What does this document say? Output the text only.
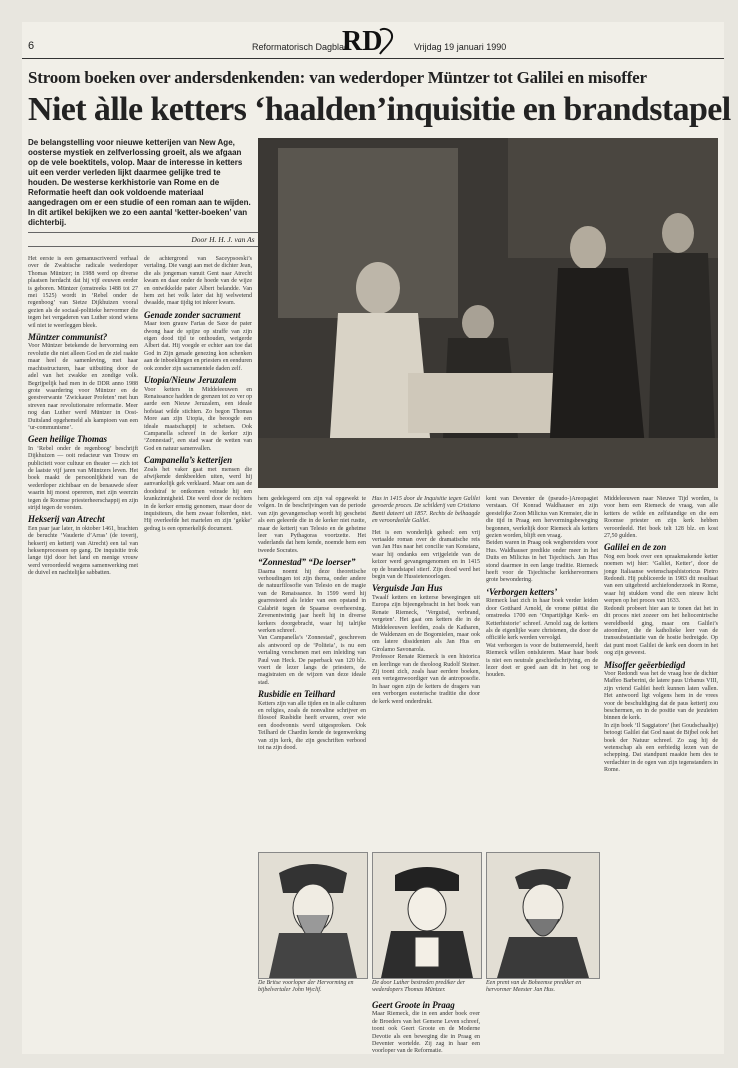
6	Reformatorisch Dagblad
RD	Vrijdag 19 januari 1990
Stroom boeken over andersdenkenden: van wederdoper Müntzer tot Galilei en misoffer
Niet àlle ketters ‘haalden’inquisitie en brandstapel
De belangstelling voor nieuwe ketterijen van New Age, oosterse mystiek en zelfverlossing groeit, als we afgaan op de vele boektitels, volop. Maar de interesse in ketters uit een verder verleden lijkt daarmee gelijke tred te houden. De westerse kerkhistorie van Rome en de Reformatie heeft dan ook voldoende materiaal aangedragen om er een studie of een roman aan te wijden. In dit artikel bekijken we zo een aantal ‘ketter-boeken’ van dichterbij.
Door H. H. J. van As

Het eerste is een gemanuscriveerd verhaal over de Zwabische radicale wederdoper Thomas Müntzer; in 1988 werd op diverse plaatsen herdacht dat hij vijf eeuwen eerder is geboren. Müntzer (omstreeks 1488 tot 27 mei 1525) wordt in ‘Rebel onder de regenboog’ van Sietze Dijkhuizen vooral gezien als de sociaal-politieke hervormer die tegen het vergaderen van Luther stond wiens wil niet te weerleggen bleek.

Müntzer communist?

Voor Müntzer betekende de hervorming een revolutie die niet alleen God en de ziel raakte maar heel de samenleving, met haar machtsstructuren, haar uitbuiting door de adel van het zwakke en zondige volk. Begrijpelijk had men in de DDR anno 1988 grote waardering voor Müntzer en de geestverwante ‘Zwickauer Profeten’ met hun streven naar revolutionaire reformatie. Meer nog dan Luther werd Müntzer in Oost-Duitsland opgehemeld als kampioen van een ‘ur-communisme’.

Geen heilige Thomas

In ‘Rebel onder de regenboog’ beschrijft Dijkhuizen — ooit redacteur van Trouw en publiciteit voor cultuur en theater — zich tot de laatste vijf jaren van Müntzers leven. Het boek maakt de persoonlijkheid van de wederdoper zichtbaar en de benauwde sfeer waarin hij moest opereren, met zijn weerzin tegen de Roomse priesterheerschappij en zijn strijd tegen de vorsten.

Hekserij van Atrecht

Een paar jaar later, in oktober 1461, brachten de beruchte ‘Vauderie d’Arras’ (de toverij, hekserij en ketterij van Atrecht) een tal van heksenprocessen op gang. De inquisitie trok lange tijd door het land en menige vrouw werd veroordeeld wegens samenwerking met de duivel en nachtelijke sabbatten.

de achtergrond van Saceypsoeski’s vertaling. Die vangt aan met de dichter Jean, die als jongeman vanuit Gent naar Atrecht kwam en daar onder de hoede van de wijze en ontwikkelde pater Albert belandde. Van hem zei het volk later dat hij welwetend dwaalde, maar tijdig tot inkeer kwam.

Genade zonder sacrament

Maar toen grauw Farias de Saxe de pater dwong haar de spijze op straffe van zijn eigen dood tijd te onthouden, weigerde Albert dat. Hij voegde er echter aan toe dat God in Zijn genade genezing kon schenken aan de inboeklingen en priesters en eenduren ook zonder zijn sacramentele daden zelf.

Utopia/Nieuw Jeruzalem

Voor ketters in Middeleeuwen en Renaissance hadden de grenzen tot zo ver op aarde een Nieuw Jeruzalem, een ideale hofstaat wilde stichten. Zo begon Thomas More aan zijn Utopia, die beoogde een ideale maatschappij te schetsen. Ook Campanella schreef in de kerker zijn ‘Zonnestad’, een stad waar de wetten van God en natuur samenvallen.

Campanella’s ketterijen

Zoals het vaker gaat met mensen die afwijkende denkbeelden uiten, werd hij aanvankelijk gek verklaard. Maar om aan de doodstraf te ontkomen veinsde hij een krankzinnigheid. Die werd door de rechters in de kerker ernstig genomen, maar door de inquisiteurs, die hem zwaar folterden, niet. Hij overleefde het martelen en zijn ‘gekke’ gedrag is een opmerkelijk document.

hem gedelegeerd om zijn val opgewekt te volgen. In de beschrijvingen van de periode van zijn gevangenschap wordt hij geschetst als een geleerde die in de kerker niet rustte, maar de ketterij van Telesio en de geheime leer van Pythagoras voortzette. Het vaderlands dat hem kende, noemde hem een tweede Socrates.

“Zonnestad” “De loerser”

Daarna noemt hij deze theoretische verhoudingen tot zijn thema, onder andere de natuurfilosofie van Telesio en de magie van de Renaissance. In 1599 werd hij gearresteerd als leider van een opstand in Calabrië tegen de Spaanse overheersing. Zevenentwintig jaar heeft hij in diverse kerkers doorgebracht, waar hij talrijke werken schreef.

Van Campanella’s ‘Zonnestad’, geschreven als antwoord op de ‘Politeia’, is nu een vertaling verschenen met een inleiding van Paul van Heck. De paperback van 120 blz. voert de lezer langs de priesters, de magistraten en de wijzen van deze ideale stad.

Rusbidie en Teilhard

Ketters zijn van alle tijden en in alle culturen en religies, zoals de nonvaline schrijver en filosoof Rusbidie heeft ervaren, over wie een doodvonnis werd uitgesproken. Ook Teilhard de Chardin kende de tegenwerking van zijn kerk, die zijn geschriften verbood tot na zijn dood.

Hus in 1415 door de Inquisitie tegen Galilei gevoerde proces. De schilderij van Cristiano Banti dateert uit 1857. Rechts de belhaagde en veroordeelde Galilei.

Het is een wonderlijk geheel: een vrij vertaalde roman over de dramatische reis van Jan Hus naar het concilie van Konstanz, waar hij ondanks een vrijgeleide van de keizer werd gevangengenomen en in 1415 op de brandstapel stierf. Zijn dood werd het begin van de Hussietenoorlogen.

Verguisde Jan Hus

Twaalf ketters en ketterse bewegingen uit Europa zijn bijeengebracht in het boek van Renate Riemeck, ‘Verguisd, verbrand, vergeten’. Het gaat om ketters die in de Middeleeuwen leefden, zoals de Katharen, de Waldenzen en de Bogomielen, maar ook om latere dissidenten als Jan Hus en Girolamo Savonarola.

Professor Renate Riemeck is een historica en leerlinge van de theoloog Rudolf Steiner. Zij toont zich, zoals haar eerdere boeken, een vertegenwoordiger van de antroposofie. In haar ogen zijn de ketters de dragers van een verborgen esoterische traditie die door de kerk werd onderdrukt.

kent van Deventer de (pseudo-)Areopagiet verstaan. Of Konrad Waldhauser en zijn geestelijke Zoon Milicius van Kremsier, die in die tijd in Praag een hervormingsbeweging begonnen, werkelijk door Riemeck als ketters gezien worden, blijft een vraag.

Beiden waren in Praag ook wegbereiders voor Hus. Waldhauser predikte onder meer in het Duits en Milicius in het Tsjechisch. Jan Hus stond daarmee in een lange traditie. Riemeck heeft voor de Tsjechische kerkhervormers grote bewondering.

‘Verborgen ketters’

Riemeck laat zich in haar boek verder leiden door Gotthard Arnold, de vrome piëtist die omstreeks 1700 een ‘Onpartijdige Kerk- en Ketterhistorie’ schreef. Arnold zag de ketters als de eigenlijke ware christenen, die door de officiële kerk werden vervolgd.

Wat verborgen is voor de buitenwereld, heeft Riemeck willen ontsluieren. Maar haar boek is niet een neutrale geschiedschrijving, en de lezer doet er goed aan dit in het oog te houden.

Middeleeuwen naar Nieuwe Tijd worden, is voor hem een Riemeck de vraag, van alle ketters de wilde en zelfstandige en die een Roomse priester en zijn kerk hebben veroordeeld. Het boek telt 128 blz. en kost 27,50 gulden.

Galilei en de zon

Nog een boek over een spraakmakende ketter noemen wij hier: ‘Galilei, Ketter’, door de jonge Italiaanse wetenschapshistoricus Pietro Redondi. Hij publiceerde in 1983 dit resultaat van een uitgebreid archiefonderzoek in Rome, waar hij stukken vond die een nieuw licht werpen op het proces van 1633.

Redondi probeert hier aan te tonen dat het in dit proces niet zozeer om het heliocentrische wereldbeeld ging, maar om Galilei’s atoomleer, die de katholieke leer van de transsubstantiatie van de hostie bedreigde. Op dat punt moet Galilei de kerk een doorn in het oog zijn geweest.

Misoffer geëerbiedigd

Voor Redondi was het de vraag hoe de dichter Maffeo Barberini, de latere paus Urbanus VIII, zijn vriend Galilei heeft kunnen laten vallen. Het antwoord ligt volgens hem in de vrees voor de beschuldiging dat de paus ketterij zou beschermen, en in de positie van de jezuïeten binnen de kerk.

In zijn boek ‘Il Saggiatore’ (het Goudschaaltje) betoogt Galilei dat God naast de Bijbel ook het boek der Natuur schreef. Zo zag hij de wetenschap als een eerbiedig lezen van de schepping. Dat standpunt maakte hem des te verdachter in de ogen van zijn tegenstanders in Rome.

De Britse voorloper der Hervorming en bijbelvertaler John Wyclif.
De door Luther bestreden prediker der wederdopers Thomas Müntzer.
Een prent van de Boheemse prediker en hervormer Meester Jan Hus.
Geert Groote in Praag

Maar Riemeck, die in een ander boek over de Broeders van het Gemene Leven schreef, toont ook Geert Groote en de Moderne Devotie als een beweging die in Praag en Deventer wortelde. Zij zag in haar een voorloper van de Reformatie.
